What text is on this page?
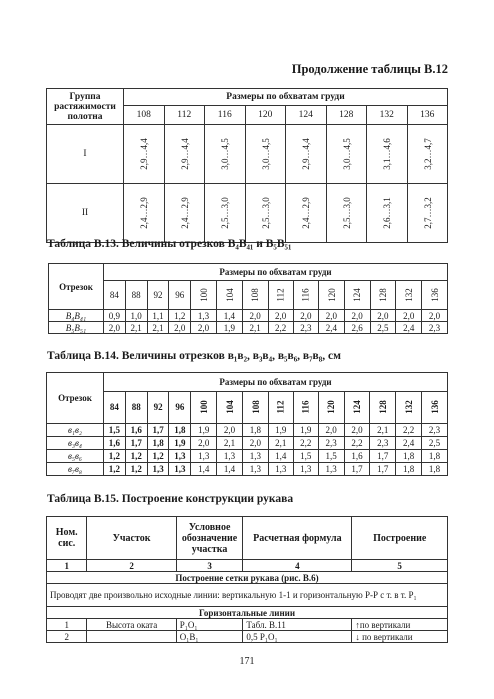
Продолжение таблицы В.12
Группа растяжимости полотна	Размеры по обхватам груди							
	108	112	116	120	124	128	132	136
I	2,9…4,4	2,9…4,4	3,0…4,5	3,0…4,5	2,9…4,4	3,0…4,5	3,1…4,6	3,2…4,7
II	2,4…2,9	2,4…2,9	2,5…3,0	2,5…3,0	2,4…2,9	2,5…3,0	2,6…3,1	2,7…3,2
Таблица В.13. Величины отрезков В₄В₄₁ и В₅В₅₁
Отрезок	Размеры по обхватам груди													
	84	88	92	96	100	104	108	112	116	120	124	128	132	136
В₄В₄₁	0,9	1,0	1,1	1,2	1,3	1,4	2,0	2,0	2,0	2,0	2,0	2,0	2,0	2,0
В₅В₅₁	2,0	2,1	2,1	2,0	2,0	1,9	2,1	2,2	2,3	2,4	2,6	2,5	2,4	2,3
Таблица В.14. Величины отрезков в₁в₂, в₃в₄, в₅в₆, в₇в₈, см
Отрезок	Размеры по обхватам груди													
	84	88	92	96	100	104	108	112	116	120	124	128	132	136
в₁в₂	1,5	1,6	1,7	1,8	1,9	2,0	1,8	1,9	1,9	2,0	2,0	2,1	2,2	2,3
в₃в₄	1,6	1,7	1,8	1,9	2,0	2,1	2,0	2,1	2,2	2,3	2,2	2,3	2,4	2,5
в₅в₆	1,2	1,2	1,2	1,3	1,3	1,3	1,3	1,4	1,5	1,5	1,6	1,7	1,8	1,8
в₇в₈	1,2	1,2	1,3	1,3	1,4	1,4	1,3	1,3	1,3	1,3	1,7	1,7	1,8	1,8
Таблица В.15. Построение конструкции рукава
Ном. сис.	Участок	Условное обозначение участка	Расчетная формула	Построение
1	2	3	4	5
Построение сетки рукава (рис. В.6)				
Проводят две произвольно исходные линии: вертикальную 1-1 и горизонтальную Р-Р с т. в т. Р₁				
Горизонтальные линии				
1	Высота оката	Р₁О₁	Табл. В.11	↑по вертикали
2		О₁В₁	0,5 Р₁О₁	↓ по вертикали
171
